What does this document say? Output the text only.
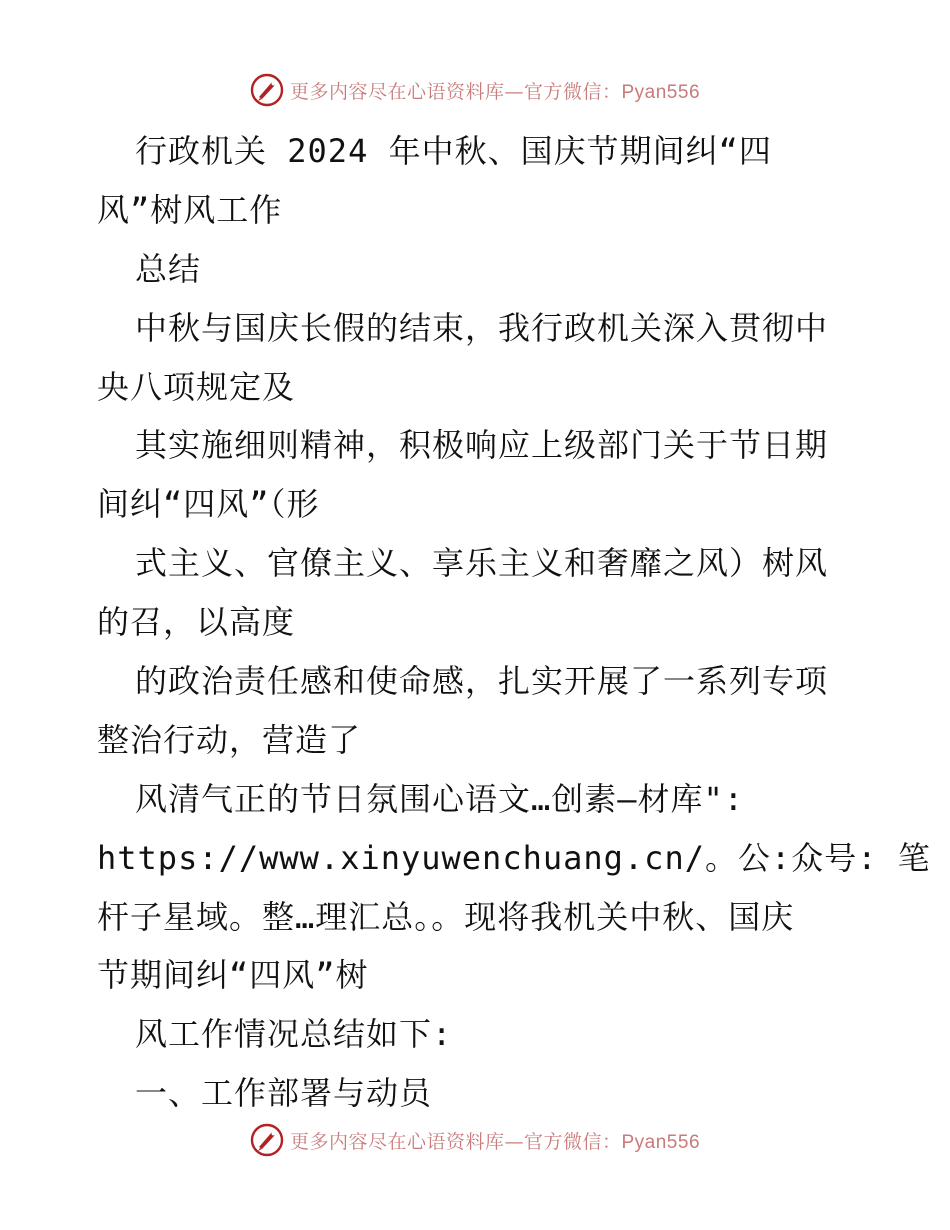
更多内容尽在心语资料库—官方微信：Pyan556
行政机关 2024 年中秋、国庆节期间纠“四
风”树风工作
总结
中秋与国庆长假的结束，我行政机关深入贯彻中
央八项规定及
其实施细则精神，积极响应上级部门关于节日期
间纠“四风”（形
式主义、官僚主义、享乐主义和奢靡之风）树风
的召，以高度
的政治责任感和使命感，扎实开展了一系列专项
整治行动，营造了
风清气正的节日氛围心语文…创素—材库":
https://www.xinyuwenchuang.cn/。公:众号: 笔
杆子星域。整…理汇总。。现将我机关中秋、国庆
节期间纠“四风”树
风工作情况总结如下:
一、工作部署与动员
更多内容尽在心语资料库—官方微信：Pyan556
